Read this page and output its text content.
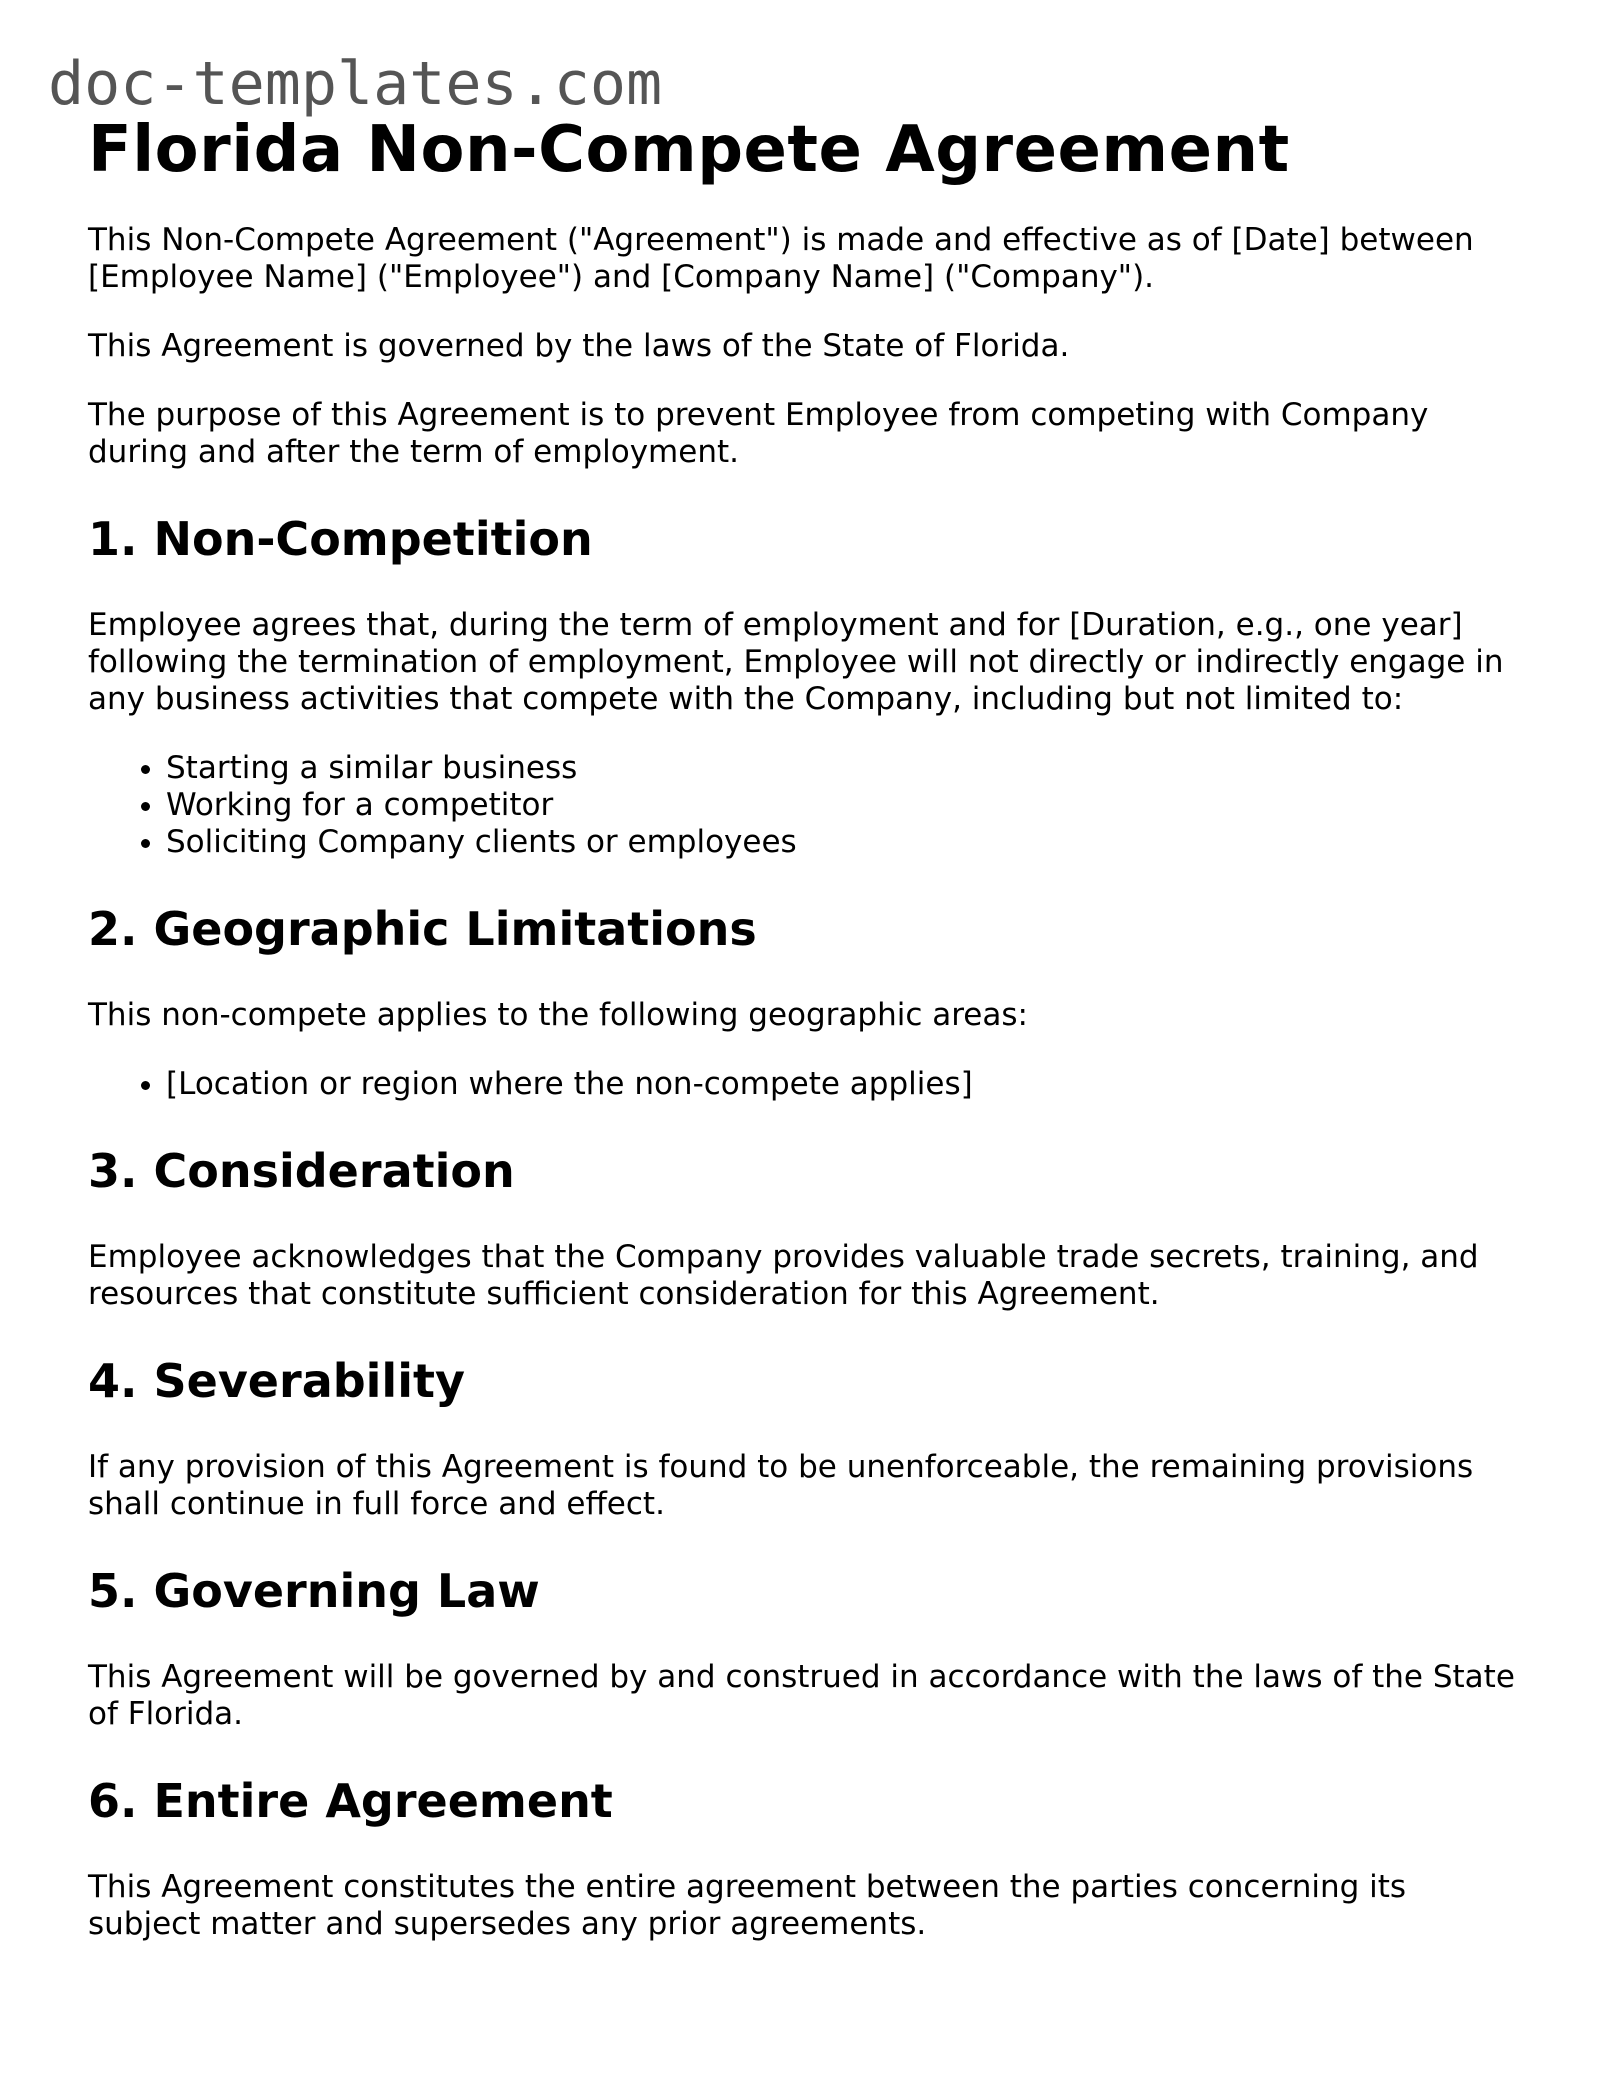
doc-templates.com
Florida Non-Compete Agreement

This Non-Compete Agreement ("Agreement") is made and effective as of [Date] between [Employee Name] ("Employee") and [Company Name] ("Company").

This Agreement is governed by the laws of the State of Florida.

The purpose of this Agreement is to prevent Employee from competing with Company during and after the term of employment.

1. Non-Competition

Employee agrees that, during the term of employment and for [Duration, e.g., one year] following the termination of employment, Employee will not directly or indirectly engage in any business activities that compete with the Company, including but not limited to:

• Starting a similar business
• Working for a competitor
• Soliciting Company clients or employees
2. Geographic Limitations

This non-compete applies to the following geographic areas:

• [Location or region where the non-compete applies]
3. Consideration

Employee acknowledges that the Company provides valuable trade secrets, training, and resources that constitute sufficient consideration for this Agreement.

4. Severability

If any provision of this Agreement is found to be unenforceable, the remaining provisions shall continue in full force and effect.

5. Governing Law

This Agreement will be governed by and construed in accordance with the laws of the State of Florida.

6. Entire Agreement

This Agreement constitutes the entire agreement between the parties concerning its subject matter and supersedes any prior agreements.
